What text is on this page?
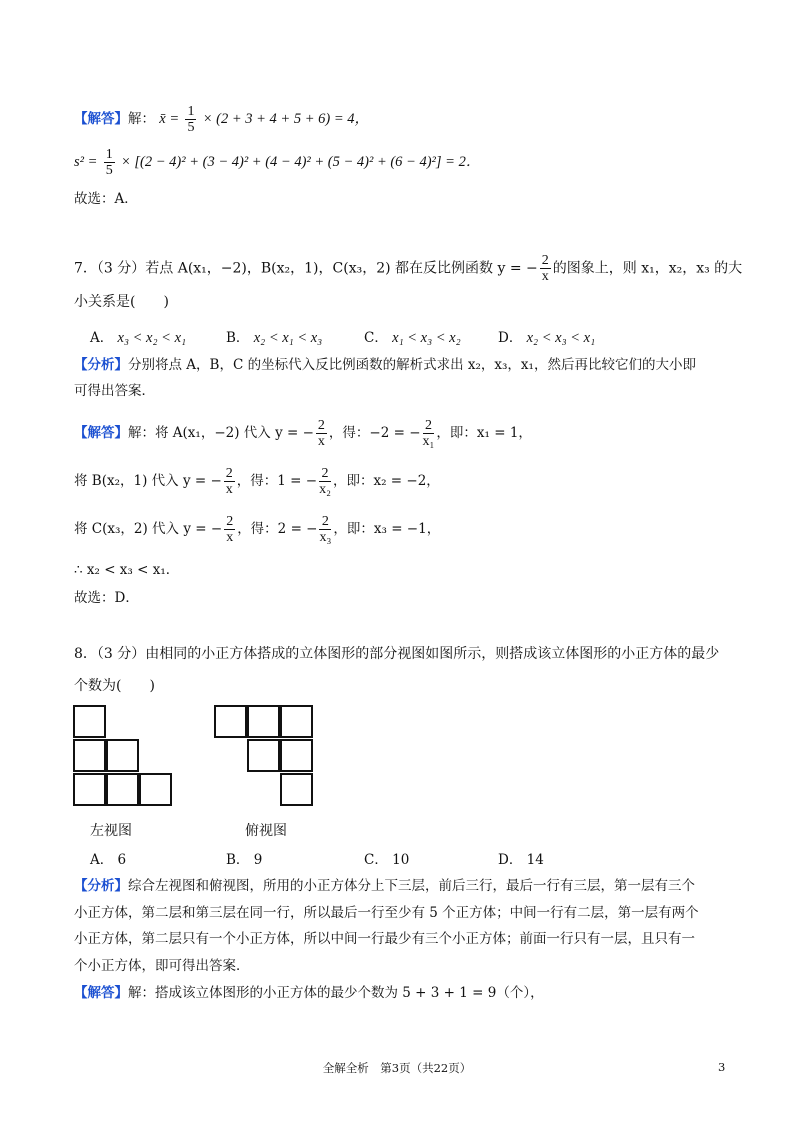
【解答】解： x̄ = $\frac{1}{5} \times (2 + 3 + 4 + 5 + 6) = 4$，
$s^2 = \frac{1}{5} \times [(2 - 4)^2 + (3 - 4)^2 + (4 - 4)^2 + (5 - 4)^2 + (6 - 4)^2] = 2$．
故选：A．
7．（3 分）若点 A(x₁，−2)，B(x₂，1)，C(x₃，2) 都在反比例函数 y = − $\frac{2}{x}$ 的图象上，则 x₁，x₂，x₃ 的大
小关系是(　　)
A． x₃ < x₂ < x₁	B． x₂ < x₁ < x₃	C． x₁ < x₃ < x₂	D． x₂ < x₃ < x₁
【分析】分别将点 A，B，C 的坐标代入反比例函数的解析式求出 x₂，x₃，x₁，然后再比较它们的大小即
可得出答案．
【解答】解：将 A(x₁，−2) 代入 y = − $\frac{2}{x}$ ，得：−2 = − $\frac{2}{\text{x₁}}$ ，即：x₁ = 1，
将 B(x₂，1) 代入 y = − $\frac{2}{x}$ ，得：1 = − $\frac{2}{\text{x₂}}$ ，即：x₂ = −2，
将 C(x₃，2) 代入 y = − $\frac{2}{x}$ ，得：2 = − $\frac{2}{\text{x₃}}$ ，即：x₃ = −1，
∴ x₂ < x₃ < x₁．
故选：D．
8．（3 分）由相同的小正方体搭成的立体图形的部分视图如图所示，则搭成该立体图形的小正方体的最少
个数为(　　)
左视图	俯视图
A． 6	B． 9	C． 10	D． 14
【分析】综合左视图和俯视图，所用的小正方体分上下三层，前后三行，最后一行有三层，第一层有三个
小正方体，第二层和第三层在同一行，所以最后一行至少有 5 个正方体；中间一行有二层，第一层有两个
小正方体，第二层只有一个小正方体，所以中间一行最少有三个小正方体；前面一行只有一层，且只有一
个小正方体，即可得出答案．
【解答】解：搭成该立体图形的小正方体的最少个数为 5 + 3 + 1 = 9（个），
全解全析　第3页（共22页）	3
